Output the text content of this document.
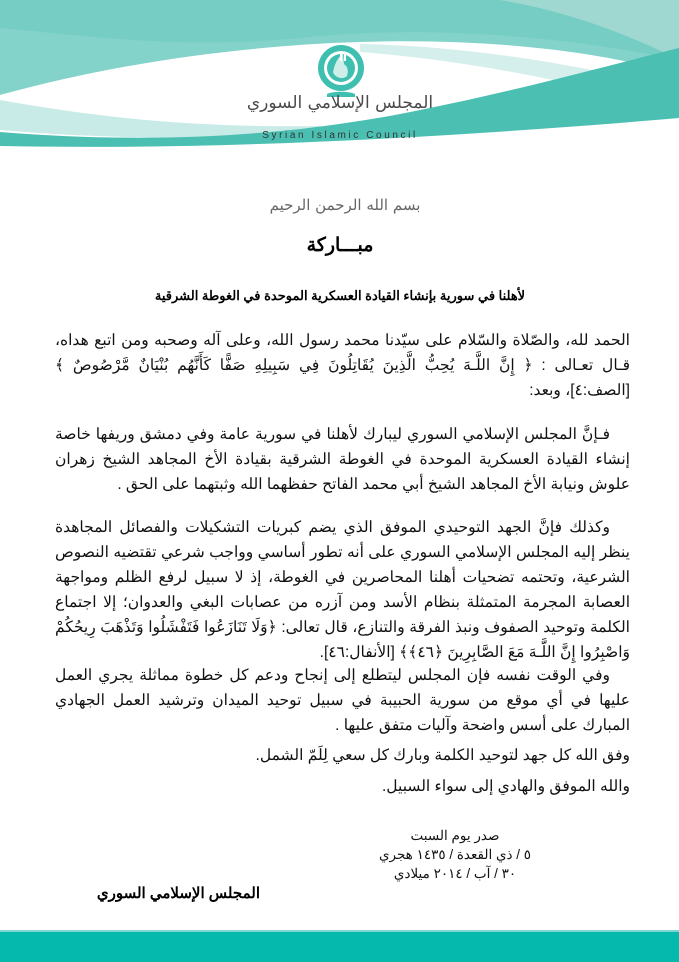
المجلس الإسلامي السوري
Syrian Islamic Council
بسم الله الرحمن الرحيم
مبـــاركة
لأهلنا في سورية بإنشاء القيادة العسكرية الموحدة في الغوطة الشرقية

الحمد لله، والصّلاة والسّلام على سيّدنا محمد رسول الله، وعلى آله وصحبه ومن اتبع هداه، قـال تعـالى : ﴿ إِنَّ اللَّـهَ يُحِبُّ الَّذِينَ يُقَاتِلُونَ فِي سَبِيلِهِ صَفًّا كَأَنَّهُم بُنْيَانٌ مَّرْصُوصٌ ﴾ [الصف:٤]، وبعد:

فـإنَّ المجلس الإسلامي السوري ليبارك لأهلنا في سورية عامة وفي دمشق وريفها خاصة إنشاء القيادة العسكرية الموحدة في الغوطة الشرقية بقيادة الأخ المجاهد الشيخ زهران علوش ونيابة الأخ المجاهد الشيخ أبي محمد الفاتح حفظهما الله وثبتهما على الحق .

وكذلك فإنَّ الجهد التوحيدي الموفق الذي يضم كبريات التشكيلات والفصائل المجاهدة ينظر إليه المجلس الإسلامي السوري على أنه تطور أساسي وواجب شرعي تقتضيه النصوص الشرعية، وتحتمه تضحيات أهلنا المحاصرين في الغوطة، إذ لا سبيل لرفع الظلم ومواجهة العصابة المجرمة المتمثلة بنظام الأسد ومن آزره من عصابات البغي والعدوان؛ إلا اجتماع الكلمة وتوحيد الصفوف ونبذ الفرقة والتنازع، قال تعالى: ﴿وَلَا تَنَازَعُوا فَتَفْشَلُوا وَتَذْهَبَ رِيحُكُمْ وَاصْبِرُوا إِنَّ اللَّـهَ مَعَ الصَّابِرِينَ ﴿٤٦﴾﴾ [الأنفال:٤٦].

وفي الوقت نفسه فإن المجلس ليتطلع إلى إنجاح ودعم كل خطوة مماثلة يجري العمل عليها في أي موقع من سورية الحبيبة في سبيل توحيد الميدان وترشيد العمل الجهادي المبارك على أسس واضحة وآليات متفق عليها .

وفق الله كل جهد لتوحيد الكلمة وبارك كل سعي لِلَمّ الشمل.

والله الموفق والهادي إلى سواء السبيل.

صدر يوم السبت
٥ / ذي القعدة / ١٤٣٥ هجري
٣٠ / آب / ٢٠١٤ ميلادي
المجلس الإسلامي السوري
